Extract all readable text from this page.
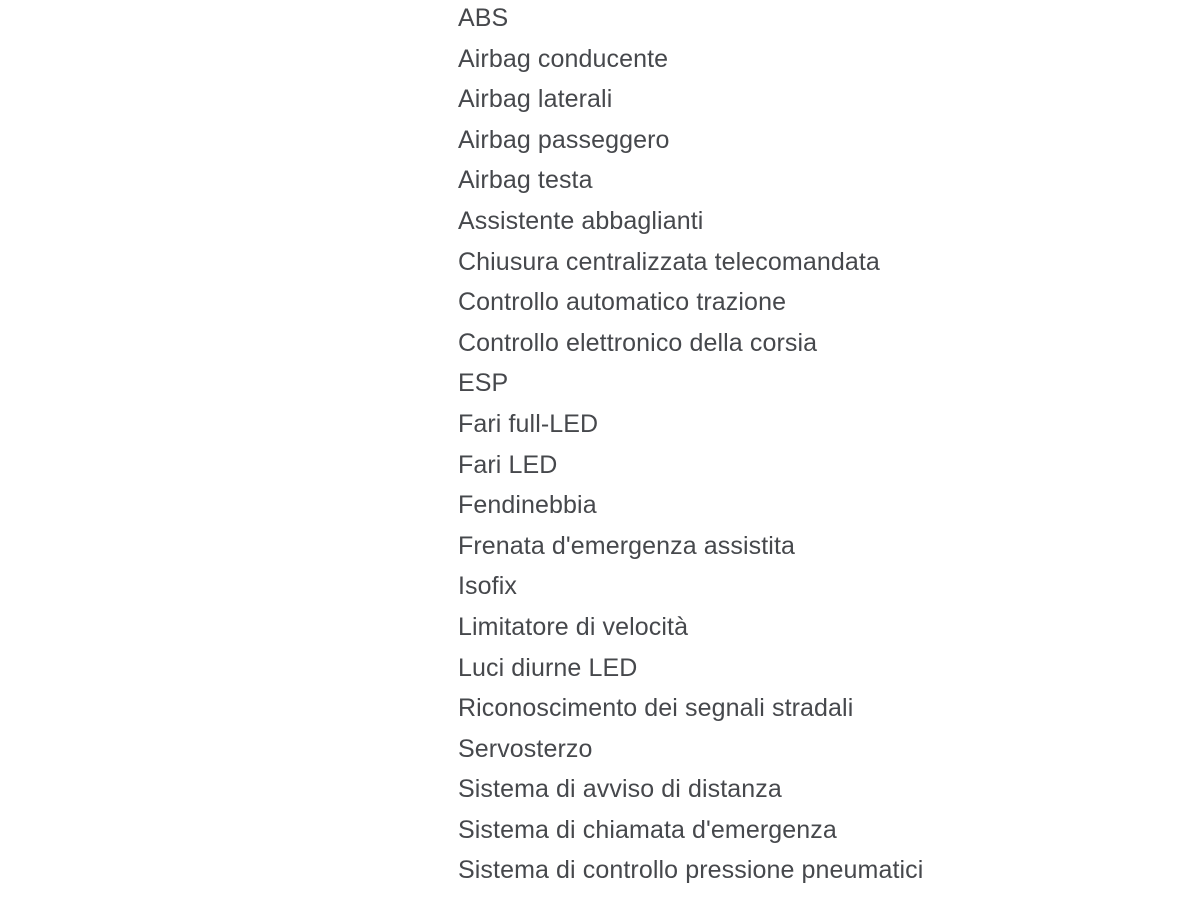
ABS
Airbag conducente
Airbag laterali
Airbag passeggero
Airbag testa
Assistente abbaglianti
Chiusura centralizzata telecomandata
Controllo automatico trazione
Controllo elettronico della corsia
ESP
Fari full-LED
Fari LED
Fendinebbia
Frenata d'emergenza assistita
Isofix
Limitatore di velocità
Luci diurne LED
Riconoscimento dei segnali stradali
Servosterzo
Sistema di avviso di distanza
Sistema di chiamata d'emergenza
Sistema di controllo pressione pneumatici
